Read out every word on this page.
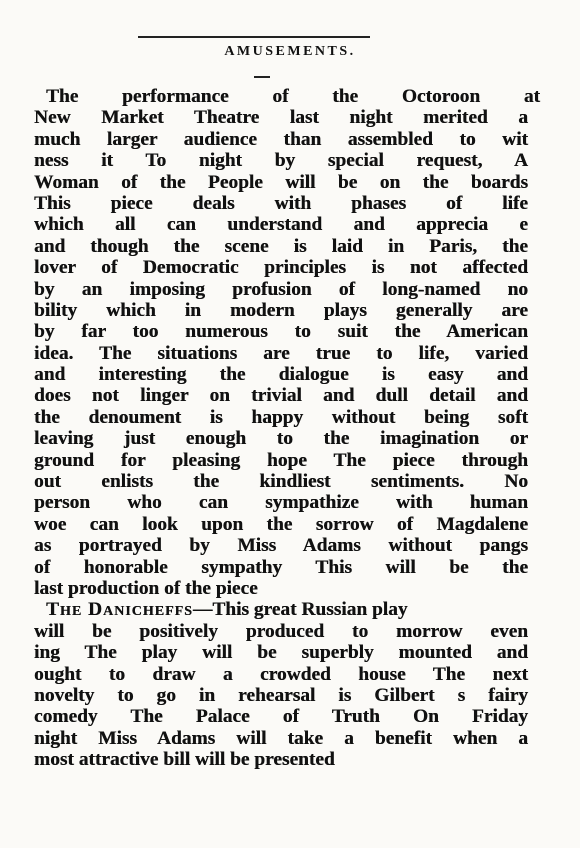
AMUSEMENTS.
The performance of the Octoroon at
New Market Theatre last night merited a
much larger audience than assembled to wit
ness it To night by special request, A
Woman of the People will be on the boards
This piece deals with phases of life
which all can understand and apprecia e
and though the scene is laid in Paris, the
lover of Democratic principles is not affected
by an imposing profusion of long-named no
bility which in modern plays generally are
by far too numerous to suit the American
idea. The situations are true to life, varied
and interesting the dialogue is easy and
does not linger on trivial and dull detail and
the denoument is happy without being soft
leaving just enough to the imagination or
ground for pleasing hope The piece through
out enlists the kindliest sentiments. No
person who can sympathize with human
woe can look upon the sorrow of Magdalene
as portrayed by Miss Adams without pangs
of honorable sympathy This will be the
last production of the piece
The Danicheffs—This great Russian play
will be positively produced to morrow even
ing The play will be superbly mounted and
ought to draw a crowded house The next
novelty to go in rehearsal is Gilbert s fairy
comedy The Palace of Truth On Friday
night Miss Adams will take a benefit when a
most attractive bill will be presented
